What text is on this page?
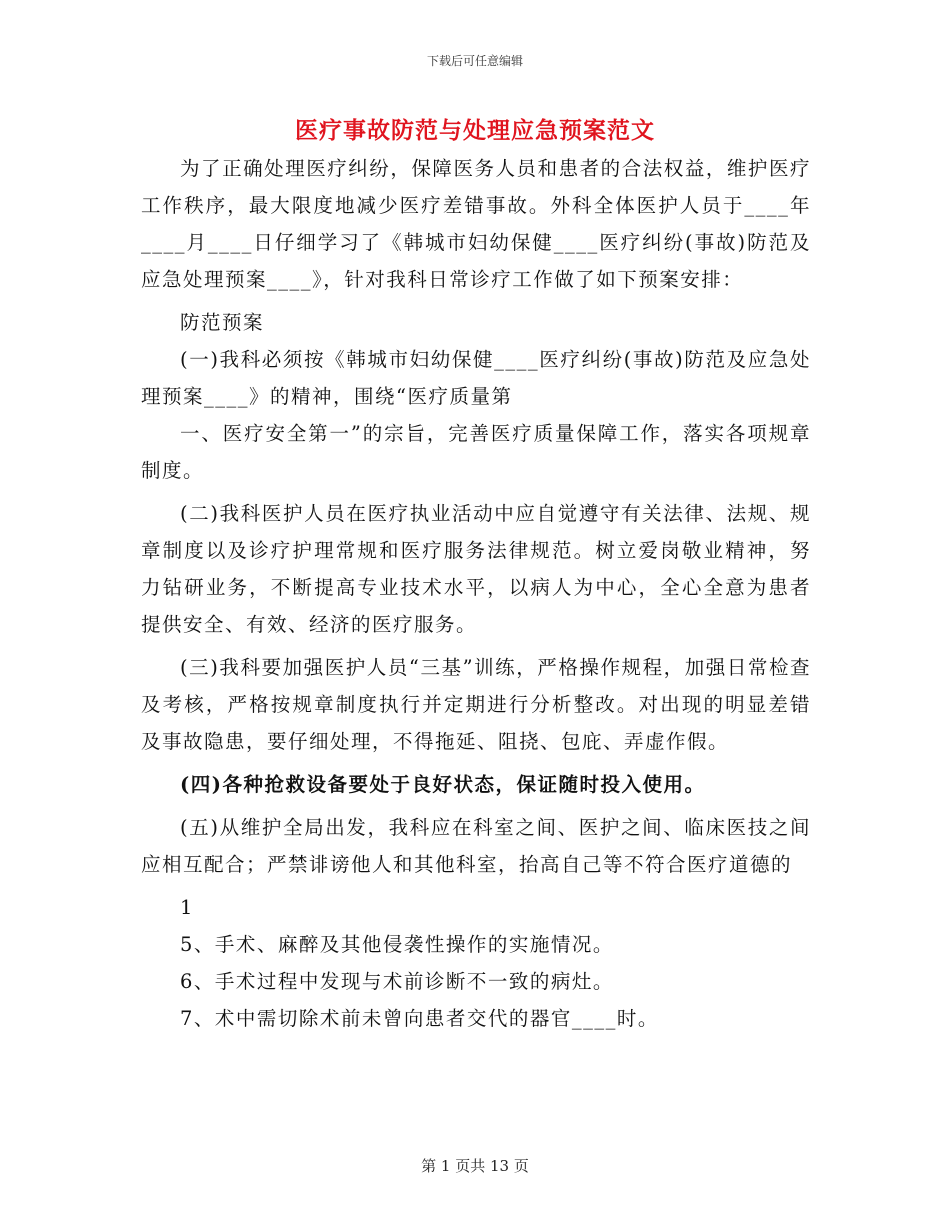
下载后可任意编辑
医疗事故防范与处理应急预案范文

为了正确处理医疗纠纷，保障医务人员和患者的合法权益，维护医疗工作秩序，最大限度地减少医疗差错事故。外科全体医护人员于____年____月____日仔细学习了《韩城市妇幼保健____医疗纠纷(事故)防范及应急处理预案____》，针对我科日常诊疗工作做了如下预案安排：

防范预案

(一)我科必须按《韩城市妇幼保健____医疗纠纷(事故)防范及应急处理预案____》的精神，围绕“医疗质量第

一、医疗安全第一”的宗旨，完善医疗质量保障工作，落实各项规章制度。

(二)我科医护人员在医疗执业活动中应自觉遵守有关法律、法规、规章制度以及诊疗护理常规和医疗服务法律规范。树立爱岗敬业精神，努力钻研业务，不断提高专业技术水平，以病人为中心，全心全意为患者提供安全、有效、经济的医疗服务。

(三)我科要加强医护人员“三基”训练，严格操作规程，加强日常检查及考核，严格按规章制度执行并定期进行分析整改。对出现的明显差错及事故隐患，要仔细处理，不得拖延、阻挠、包庇、弄虚作假。

(四)各种抢救设备要处于良好状态，保证随时投入使用。

(五)从维护全局出发，我科应在科室之间、医护之间、临床医技之间应相互配合；严禁诽谤他人和其他科室，抬高自己等不符合医疗道德的

1

5、手术、麻醉及其他侵袭性操作的实施情况。

6、手术过程中发现与术前诊断不一致的病灶。

7、术中需切除术前未曾向患者交代的器官____时。

第 1 页共 13 页
